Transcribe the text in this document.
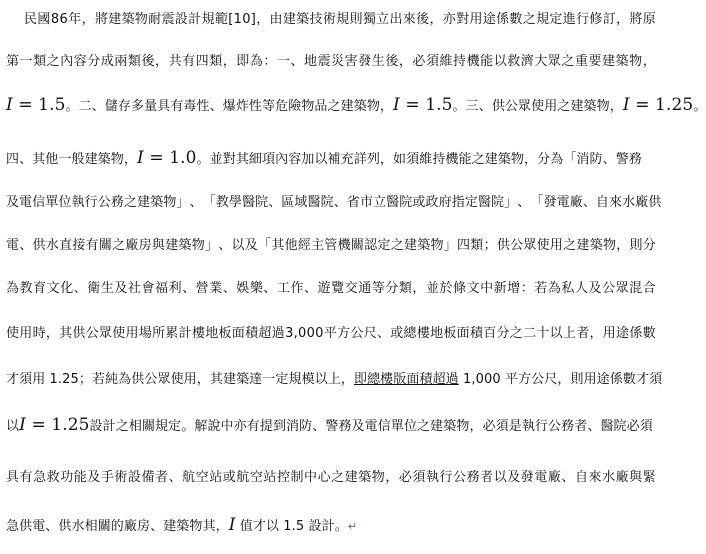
民 國 8 6 年 ， 將 建 築 物 耐 震 設 計 規 範 [ 1 0 ] ， 由 建 築 技 術 規 則 獨 立 出 來 後 ， 亦 對 用 途 係 數 之 規 定 進 行 修 訂 ， 將 原
第 一 類 之 內 容 分 成 兩 類 後 ， 共 有 四 類 ， 即 為 ： 一 、 地 震 災 害 發 生 後 ， 必 須 維 持 機 能 以 救 濟 大 眾 之 重 要 建 築 物 ，
I = 1.5。二、儲存多量具有毒性、爆炸性等危險物品之建築物，I = 1.5。三、供公眾使用之建築物，I = 1.25。
四、其他一般建築物，I = 1.0。並對其細項內容加以補充詳列，如須維持機能之建築物，分為「消防、警務
及 電 信 單 位 執 行 公 務 之 建 築 物 」 、 「 教 學 醫 院 、 區 域 醫 院 、 省 市 立 醫 院 或 政 府 指 定 醫 院 」 、 「 發 電 廠 、 自 來 水 廠 供
電 、 供 水 直 接 有 關 之 廠 房 與 建 築 物 」 、 以 及 「 其 他 經 主 管 機 關 認 定 之 建 築 物 」 四 類 ； 供 公 眾 使 用 之 建 築 物 ， 則 分
為 教 育 文 化 、 衛 生 及 社 會 福 利 、 營 業 、 娛 樂 、 工 作 、 遊 覽 交 通 等 分 類 ， 並 於 條 文 中 新 增 ： 若 為 私 人 及 公 眾 混 合
使 用 時 ， 其 供 公 眾 使 用 場 所 累 計 樓 地 板 面 積 超 過 3 , 0 0 0 平 方 公 尺 、 或 總 樓 地 板 面 積 百 分 之 二 十 以 上 者 ， 用 途 係 數
才須用 1.25；若純為供公眾使用，其建築達一定規模以上， 即總樓版面積超過 1,000 平方公尺，則用途係數才須
以I = 1.25設計之相關規定。解說中亦有提到消防、警務及電信單位之建築物，必須是執行公務者、醫院必須
具 有 急 救 功 能 及 手 術 設 備 者 、 航 空 站 或 航 空 站 控 制 中 心 之 建 築 物 ， 必 須 執 行 公 務 者 以 及 發 電 廠 、 自 來 水 廠 與 緊
急供電、供水相關的廠房、建築物其，I 值才以 1.5 設計。↵
